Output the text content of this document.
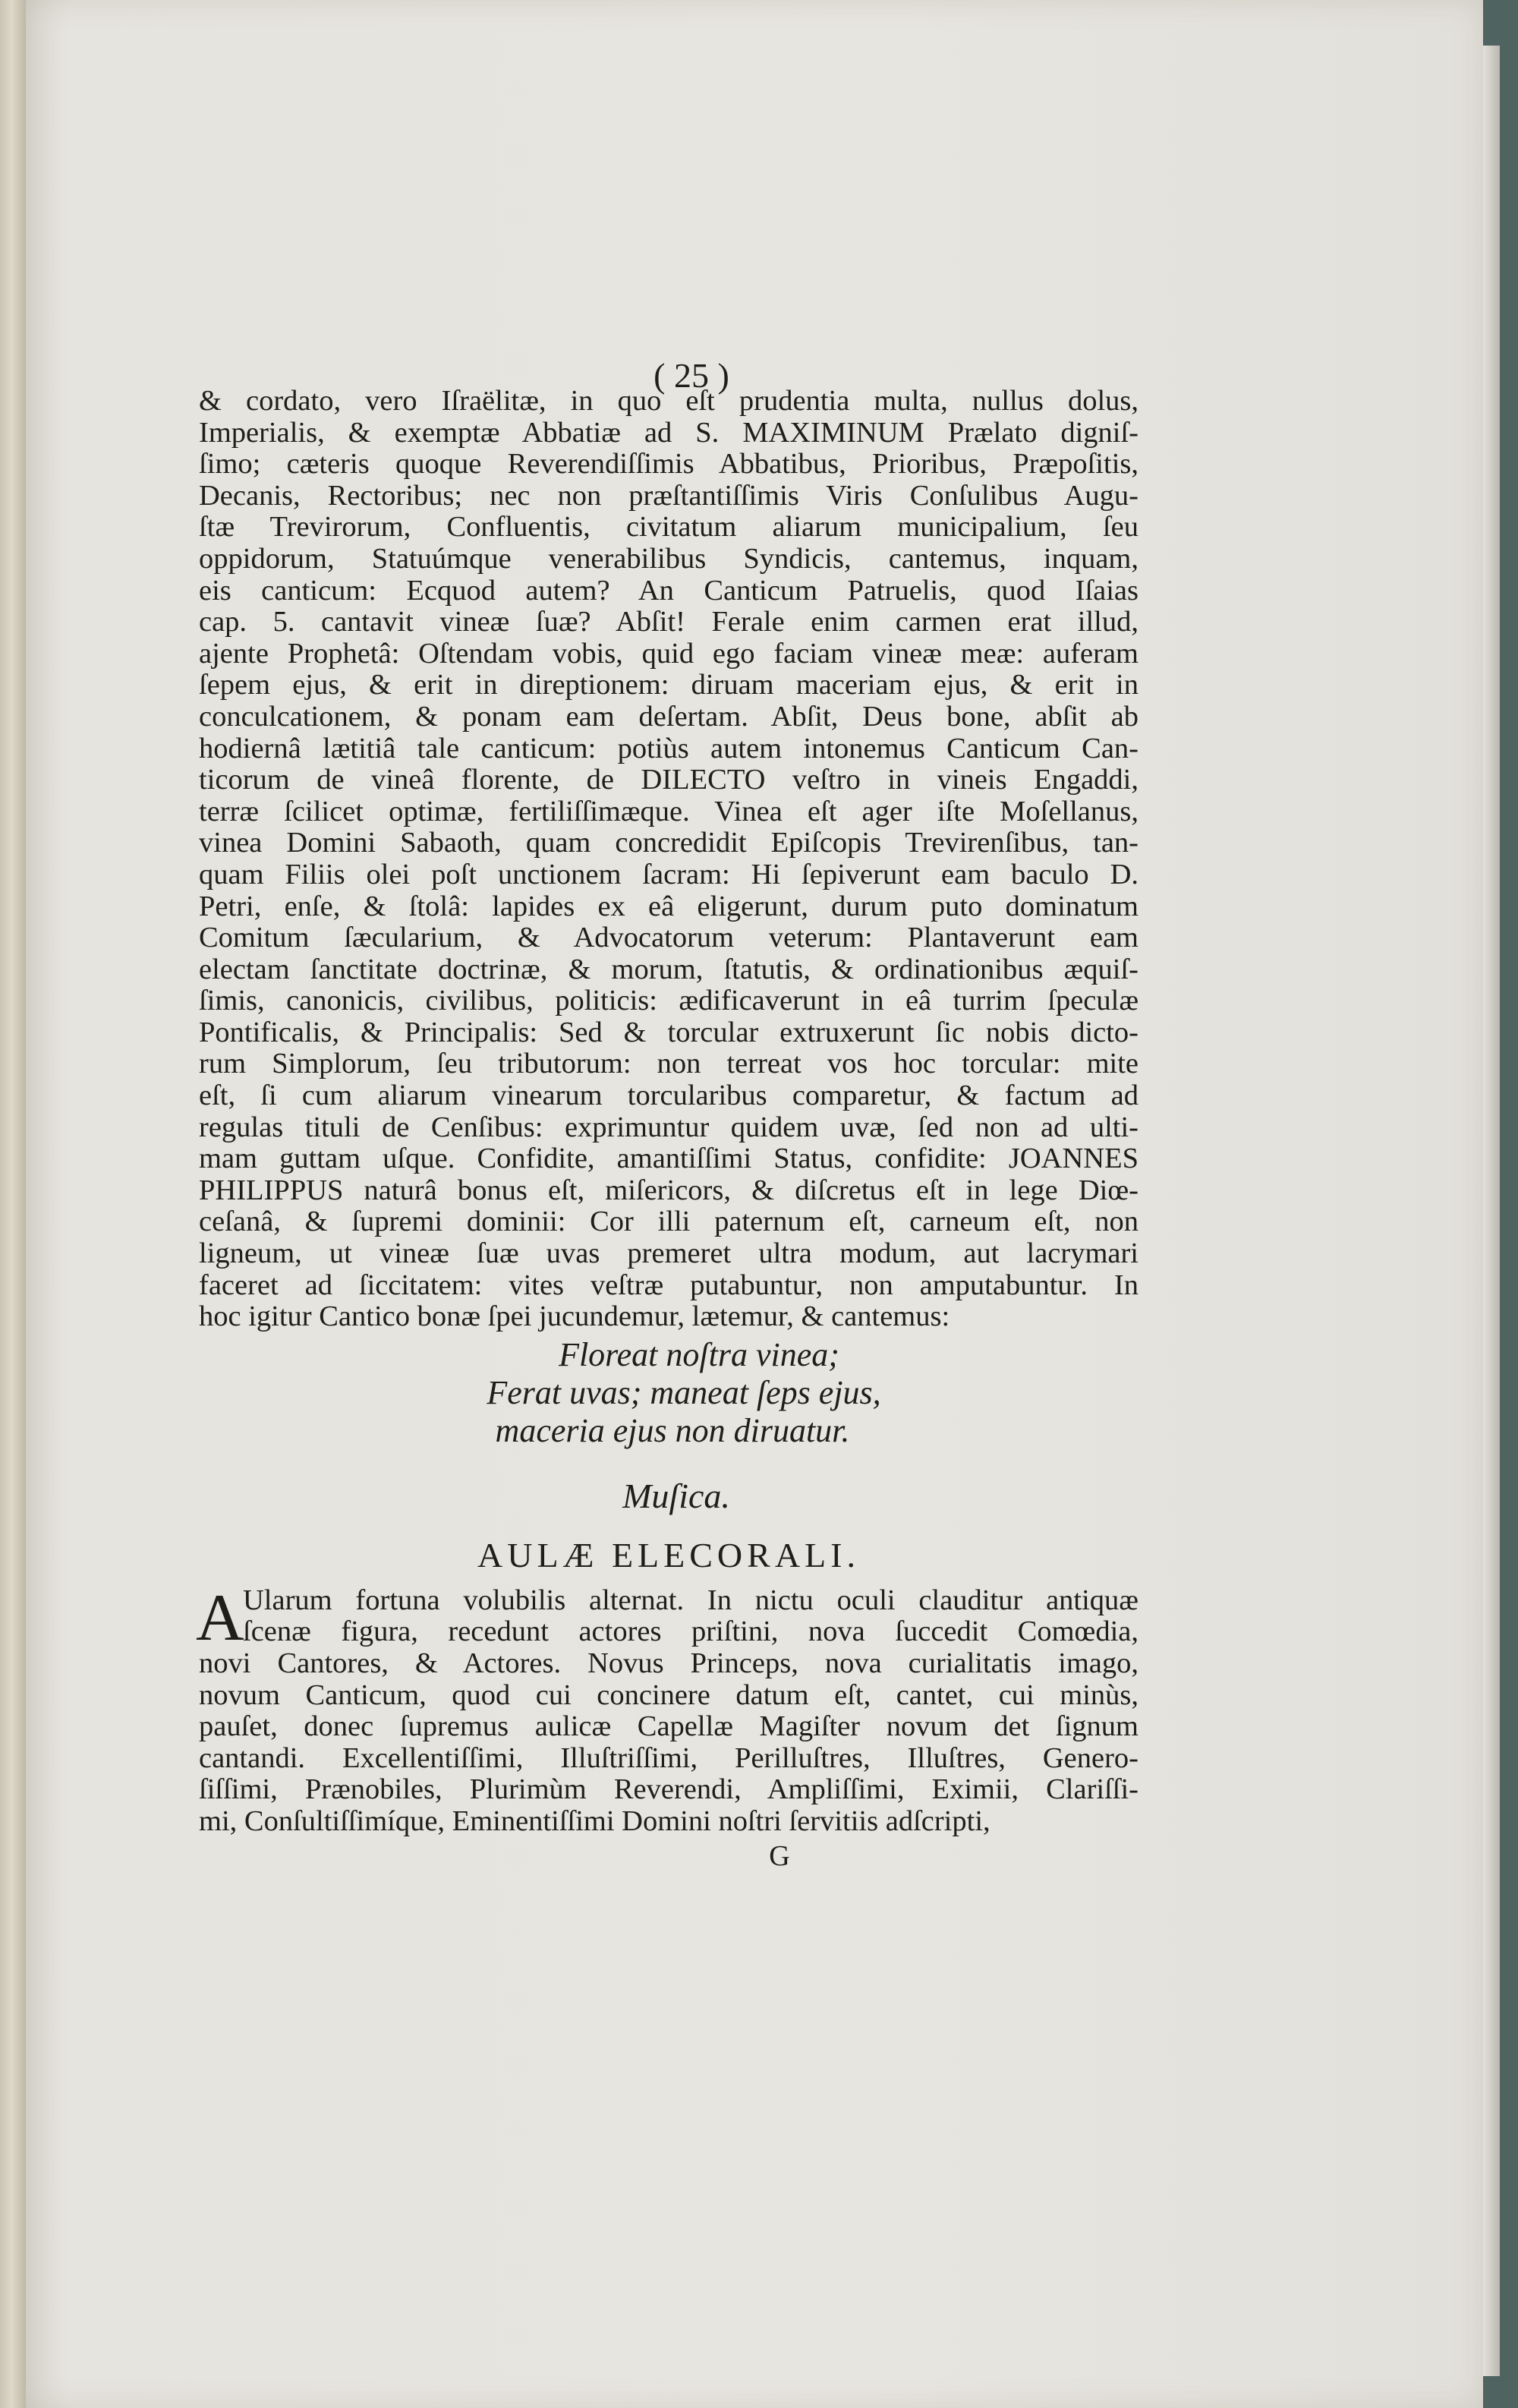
( 25 )
& cordato, vero Iſraëlitæ, in quo eſt prudentia multa, nullus dolus,
Imperialis, & exemptæ Abbatiæ ad S. MAXIMINUM Prælato digniſ-
ſimo; cæteris quoque Reverendiſſimis Abbatibus, Prioribus, Præpoſitis,
Decanis, Rectoribus; nec non præſtantiſſimis Viris Conſulibus Augu-
ſtæ Trevirorum, Confluentis, civitatum aliarum municipalium, ſeu
oppidorum, Statuúmque venerabilibus Syndicis, cantemus, inquam,
eis canticum: Ecquod autem? An Canticum Patruelis, quod Iſaias
cap. 5. cantavit vineæ ſuæ? Abſit! Ferale enim carmen erat illud,
ajente Prophetâ: Oſtendam vobis, quid ego faciam vineæ meæ: auferam
ſepem ejus, & erit in direptionem: diruam maceriam ejus, & erit in
conculcationem, & ponam eam deſertam. Abſit, Deus bone, abſit ab
hodiernâ lætitiâ tale canticum: potiùs autem intonemus Canticum Can-
ticorum de vineâ florente, de DILECTO veſtro in vineis Engaddi,
terræ ſcilicet optimæ, fertiliſſimæque. Vinea eſt ager iſte Moſellanus,
vinea Domini Sabaoth, quam concredidit Epiſcopis Trevirenſibus, tan-
quam Filiis olei poſt unctionem ſacram: Hi ſepiverunt eam baculo D.
Petri, enſe, & ſtolâ: lapides ex eâ eligerunt, durum puto dominatum
Comitum ſæcularium, & Advocatorum veterum: Plantaverunt eam
electam ſanctitate doctrinæ, & morum, ſtatutis, & ordinationibus æquiſ-
ſimis, canonicis, civilibus, politicis: ædificaverunt in eâ turrim ſpeculæ
Pontificalis, & Principalis: Sed & torcular extruxerunt ſic nobis dicto-
rum Simplorum, ſeu tributorum: non terreat vos hoc torcular: mite
eſt, ſi cum aliarum vinearum torcularibus comparetur, & factum ad
regulas tituli de Cenſibus: exprimuntur quidem uvæ, ſed non ad ulti-
mam guttam uſque. Confidite, amantiſſimi Status, confidite: JOANNES
PHILIPPUS naturâ bonus eſt, miſericors, & diſcretus eſt in lege Diœ-
ceſanâ, & ſupremi dominii: Cor illi paternum eſt, carneum eſt, non
ligneum, ut vineæ ſuæ uvas premeret ultra modum, aut lacrymari
faceret ad ſiccitatem: vites veſtræ putabuntur, non amputabuntur. In
hoc igitur Cantico bonæ ſpei jucundemur, lætemur, & cantemus:
Floreat noſtra vinea;
Ferat uvas; maneat ſeps ejus,
maceria ejus non diruatur.
Muſica.
AULÆ ELECORALI.
A
Ularum fortuna volubilis alternat. In nictu oculi clauditur antiquæ
ſcenæ figura, recedunt actores priſtini, nova ſuccedit Comœdia,
novi Cantores, & Actores. Novus Princeps, nova curialitatis imago,
novum Canticum, quod cui concinere datum eſt, cantet, cui minùs,
pauſet, donec ſupremus aulicæ Capellæ Magiſter novum det ſignum
cantandi. Excellentiſſimi, Illuſtriſſimi, Perilluſtres, Illuſtres, Genero-
ſiſſimi, Prænobiles, Plurimùm Reverendi, Ampliſſimi, Eximii, Clariſſi-
mi, Conſultiſſimíque, Eminentiſſimi Domini noſtri ſervitiis adſcripti,
G
